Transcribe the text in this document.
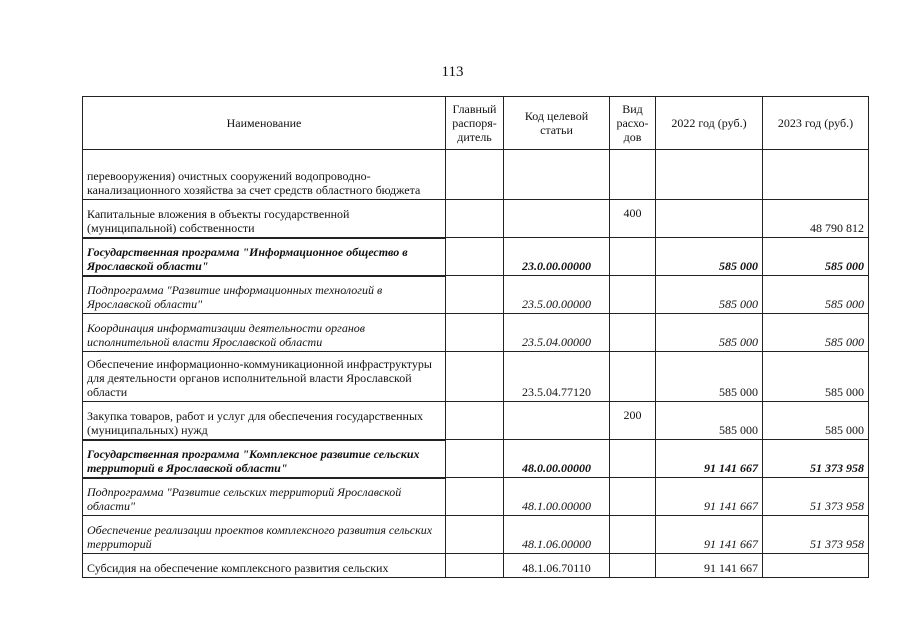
113
Наименование	Главный распоря-дитель	Код целевой статьи	Вид расхо-дов	2022 год (руб.)	2023 год (руб.)
перевооружения) очистных сооружений водопроводно-канализационного хозяйства за счет средств областного бюджета					
Капитальные вложения в объекты государственной (муниципальной) собственности			400		48 790 812
Государственная программа "Информационное общество в Ярославской области"		23.0.00.00000		585 000	585 000
Подпрограмма "Развитие информационных технологий в Ярославской области"		23.5.00.00000		585 000	585 000
Координация информатизации деятельности органов исполнительной власти Ярославской области		23.5.04.00000		585 000	585 000
Обеспечение информационно-коммуникационной инфраструктуры для деятельности органов исполнительной власти Ярославской области		23.5.04.77120		585 000	585 000
Закупка товаров, работ и услуг для обеспечения государственных (муниципальных) нужд			200	585 000	585 000
Государственная программа "Комплексное развитие сельских территорий в Ярославской области"		48.0.00.00000		91 141 667	51 373 958
Подпрограмма "Развитие сельских территорий Ярославской области"		48.1.00.00000		91 141 667	51 373 958
Обеспечение реализации проектов комплексного развития сельских территорий		48.1.06.00000		91 141 667	51 373 958
Субсидия на обеспечение комплексного развития сельских		48.1.06.70110		91 141 667	
